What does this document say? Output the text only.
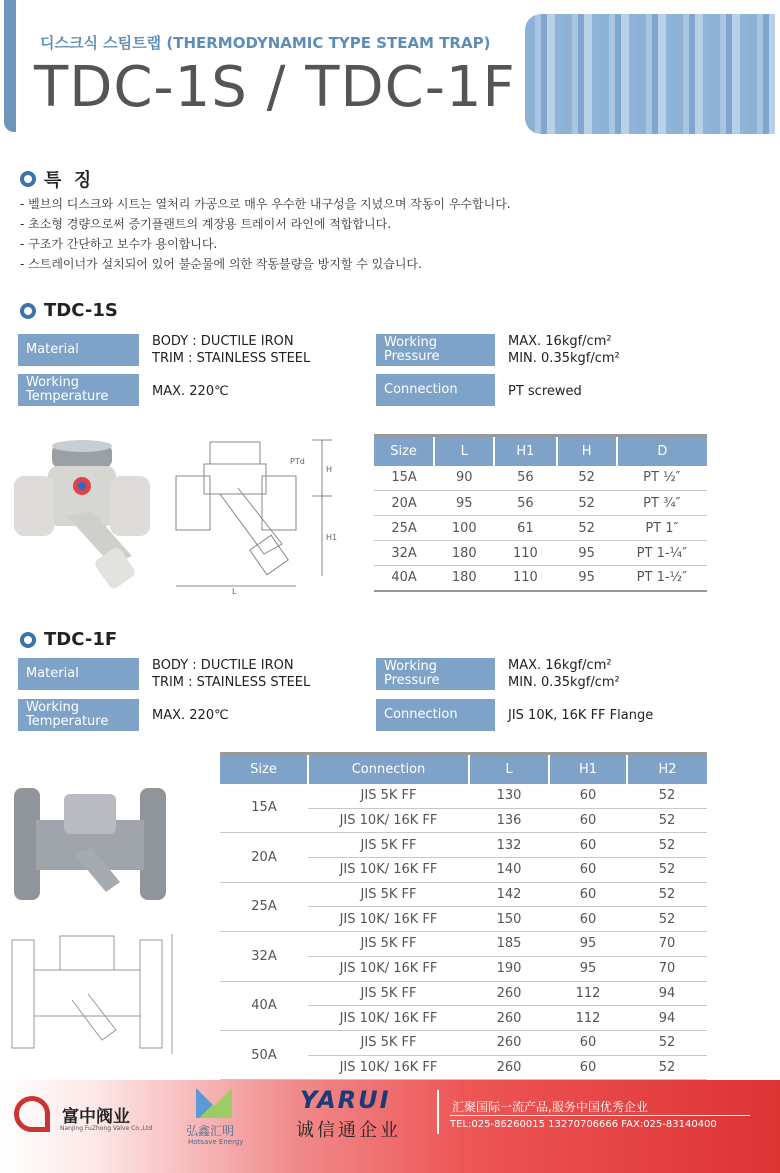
디스크식 스팀트랩 (THERMODYNAMIC TYPE STEAM TRAP)
TDC-1S / TDC-1F
특  징
- 벨브의 디스크와 시트는 열처리 가공으로 매우 우수한 내구성을 지녔으며 작동이 우수합니다.
- 초소형 경량으로써 증기플랜트의 계장용 트레이서 라인에 적합합니다.
- 구조가 간단하고 보수가 용이합니다.
- 스트레이너가 설치되어 있어 불순물에 의한 작동불량을 방지할 수 있습니다.
TDC-1S
Material
BODY : DUCTILE IRON
TRIM : STAINLESS STEEL
Working
Temperature	MAX. 220℃
Working
Pressure
MAX. 16kgf/cm²
MIN. 0.35kgf/cm²
Connection	PT screwed
PTd
H
H1
L
Size	L	H1	H	D
15A	90	56	52	PT ½″
20A	95	56	52	PT ¾″
25A	100	61	52	PT 1″
32A	180	110	95	PT 1-¼″
40A	180	110	95	PT 1-½″
TDC-1F
Material
BODY : DUCTILE IRON
TRIM : STAINLESS STEEL
Working
Temperature	MAX. 220℃
Working
Pressure
MAX. 16kgf/cm²
MIN. 0.35kgf/cm²
Connection	JIS 10K, 16K FF Flange
Size	Connection	L	H1	H2
15A	JIS 5K FF	130	60	52
	JIS 10K/ 16K FF	136	60	52
20A	JIS 5K FF	132	60	52
	JIS 10K/ 16K FF	140	60	52
25A	JIS 5K FF	142	60	52
	JIS 10K/ 16K FF	150	60	52
32A	JIS 5K FF	185	95	70
	JIS 10K/ 16K FF	190	95	70
40A	JIS 5K FF	260	112	94
	JIS 10K/ 16K FF	260	112	94
50A	JIS 5K FF	260	60	52
	JIS 10K/ 16K FF	260	60	52
富中阀业
NanJing FuZhong Valve Co.,Ltd	弘鑫汇明
Hotsave Energy
YARUI
诚信通企业
汇聚国际一流产品,服务中国优秀企业
TEL:025-86260015 13270706666 FAX:025-83140400
